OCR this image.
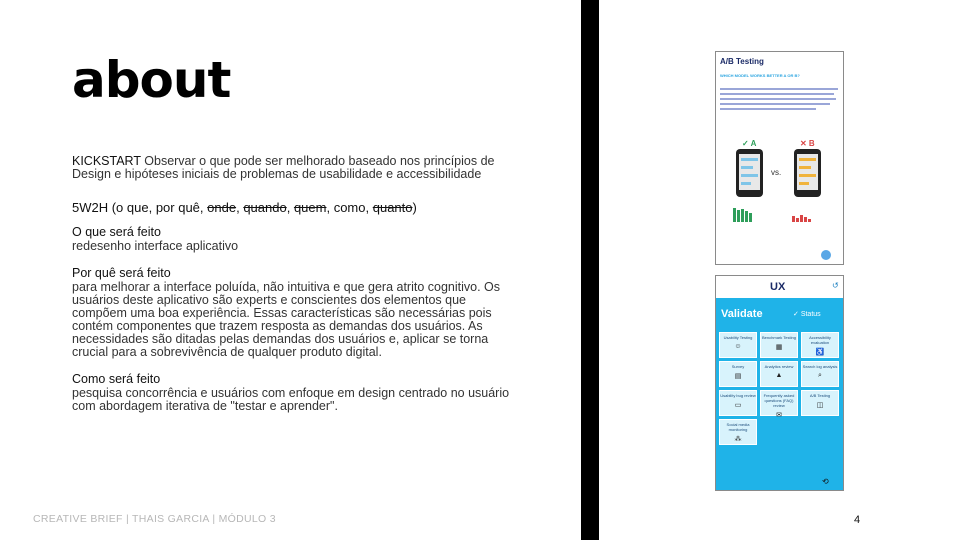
about
KICKSTART Observar o que pode ser melhorado baseado nos princípios de Design e hipóteses iniciais de problemas de usabilidade e accessibilidade
5W2H (o que, por quê, onde, quando, quem, como, quanto)
O que será feito
redesenho interface aplicativo
Por quê será feito
para melhorar a interface poluída, não intuitiva e que gera atrito cognitivo. Os usuários deste aplicativo são experts e conscientes dos elementos que compõem uma boa experiência. Essas características são necessárias pois contém componentes que trazem resposta as demandas dos usuários. As necessidades são ditadas pelas demandas dos usuários e, aplicar se torna crucial para a sobrevivência de qualquer produto digital.
Como será feito
pesquisa concorrência e usuários com enfoque em design centrado no usuário com abordagem iterativa de "testar e aprender".
CREATIVE BRIEF | THAIS GARCIA | MÓDULO 3	4
A/B Testing
WHICH MODEL WORKS BETTER A OR B?
✓ A	✕ B
vs.
UX	↺
Validate	✓ Status
Usability Testing
☺
Benchmark Testing
▦
Accessibility evaluation
♿
Survey
▤
Analytics review
▲
Search log analysis
⌕
Usability bug review
▭
Frequently asked questions (FAQ) review
✉
A/B Testing
◫
Social media monitoring
⁂
⟲
